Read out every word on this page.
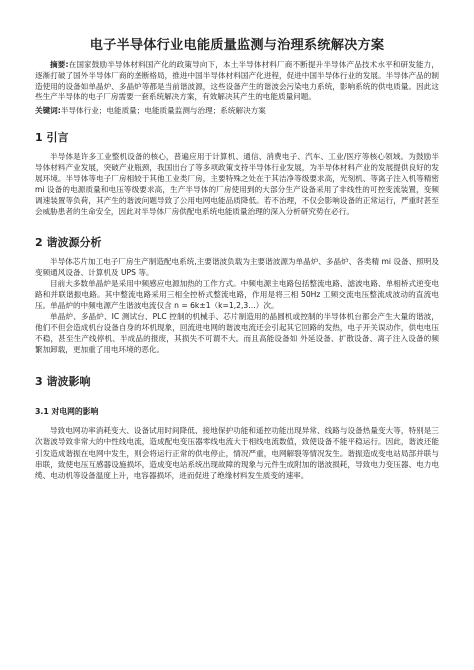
电子半导体行业电能质量监测与治理系统解决方案

摘要:在国家鼓励半导体材料国产化的政策导向下，本土半导体材料厂商不断提升半导体产品技术水平和研发能力，逐渐打破了国外半导体厂商的垄断格局，推进中国半导体材料国产化进程，促进中国半导体行业的发展。半导体产品的制造使用的设备如单晶炉、多晶炉等都是当前谐波源，这些设备产生的谐波会污染电力系统，影响系统的供电质量。因此这些生产半导体的电子厂房需要一套系统解决方案，有效解决其产生的电能质量问题。

关键词:半导体行业；电能质量；电能质量监测与治理；系统解决方案

1 引言

半导体是许多工业整机设备的核心，普遍应用于计算机、通信、消费电子、汽车、工业/医疗等核心领域。为鼓励半导体材料产业发展，突破产业瓶颈，我国出台了等多项政策支持半导体行业发展，为半导体材料产业的发展提供良好的发展环境。半导体等电子厂房相较于其他工业类厂房，主要特殊之处在于其洁净等级要求高，光刻机、等离子注入机等精密 mi 设备的电源质量和电压等级要求高，生产半导体的厂房使用到的大部分生产设备采用了非线性的可控变流装置，变频调速装置等负荷，其产生的谐波问题导致了公用电网电能品质降低。若不治理，不仅会影响设备的正常运行，严重时甚至会威胁患者的生命安全，因此对半导体厂房供配电系统电能质量治理的深入分析研究势在必行。

2 谐波源分析

半导体芯片加工电子厂房生产制造配电系统,主要谐波负载为主要谐波源为单晶炉、多晶炉、各类精 mi 设备、照明及变频通风设备、计算机及 UPS 等。

目前大多数单晶炉是采用中频感应电源加热的工作方式。中频电源主电路包括整流电路、滤波电路、单相桥式逆变电路和并联谐振电路。其中整流电路采用三相全控桥式整流电路，作用是将三相 50Hz 工频交流电压整流成波动的直流电压。单晶炉的中频电源产生谐波电流仅含 n = 6k±1（k=1,2,3…）次。

单晶炉、多晶炉、IC 测试台、PLC 控制的机械手、芯片制造用的晶圆机或控制的半导体机台都会产生大量的谐波，他们不但会造成机台设备自身的坏机现象，回流进电网的谐波电流还会引起其它回路的发热，电子开关误动作，供电电压不稳，甚至生产线停机、半成品的报废，其损失不可谓不大。而且高能设备如 外延设备、扩散设备、离子注入设备的频繁加卸载，更加重了用电环境的恶化。

3 谐波影响
3.1 对电网的影响

导致电网功率消耗变大、设备试用时间降低、接地保护功能和遥控功能出现异常、线路与设备热量变大等，特别是三次谐波导致非常大的中性线电流，造成配电变压器零线电流大于相线电流数值，致使设备不能平稳运行。因此，谐波还能引发造成谐振在电网中发生，则会将运行正常的供电停止，情况严重，电网解裂等情况发生。谐振造成变电站局部并联与串联，致使电压互感器设施损坏，造成变电站系统出现故障的现象与元件生成附加的谐波损耗，导致电力变压器、电力电缆、电动机等设备温度上升，电容器损坏，进而促进了绝缘材料发生质变的速率。
